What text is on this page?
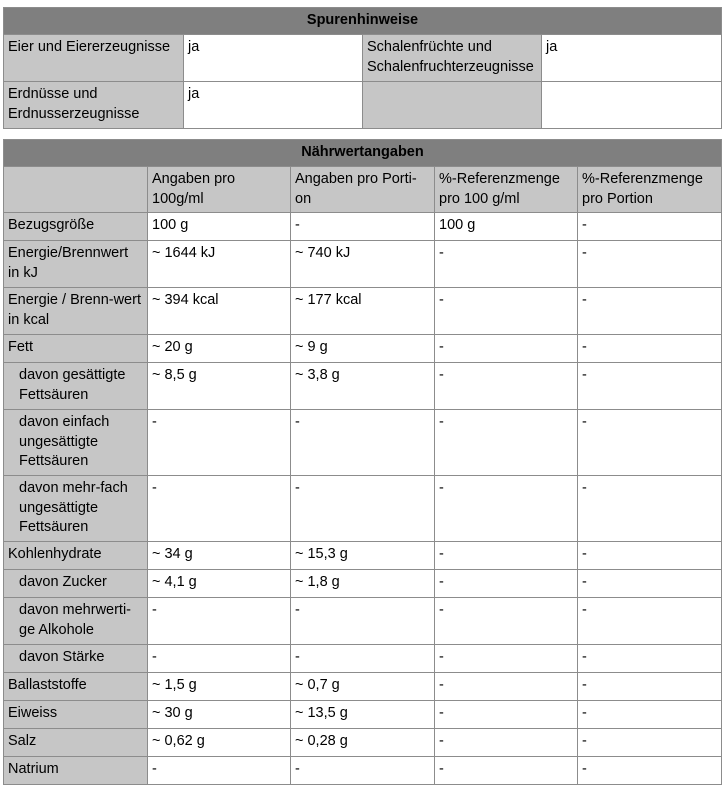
Spurenhinweise			
Eier und Eiererzeugnisse	ja	Schalenfrüchte und Schalenfruchterzeugnisse	ja
Erdnüsse und Erdnusserzeugnisse	ja		
Nährwertangaben				
	Angaben pro 100g/ml	Angaben pro Porti-on	%-Referenzmenge pro 100 g/ml	%-Referenzmenge pro Portion
Bezugsgröße	100 g	-	100 g	-
Energie/Brennwert in kJ	~ 1644 kJ	~ 740 kJ	-	-
Energie / Brenn-wert in kcal	~ 394 kcal	~ 177 kcal	-	-
Fett	~ 20 g	~ 9 g	-	-
davon gesättigte Fettsäuren	~ 8,5 g	~ 3,8 g	-	-
davon einfach ungesättigte Fettsäuren	-	-	-	-
davon mehr-fach ungesättigte Fettsäuren	-	-	-	-
Kohlenhydrate	~ 34 g	~ 15,3 g	-	-
davon Zucker	~ 4,1 g	~ 1,8 g	-	-
davon mehrwerti-ge Alkohole	-	-	-	-
davon Stärke	-	-	-	-
Ballaststoffe	~ 1,5 g	~ 0,7 g	-	-
Eiweiss	~ 30 g	~ 13,5 g	-	-
Salz	~ 0,62 g	~ 0,28 g	-	-
Natrium	-	-	-	-
